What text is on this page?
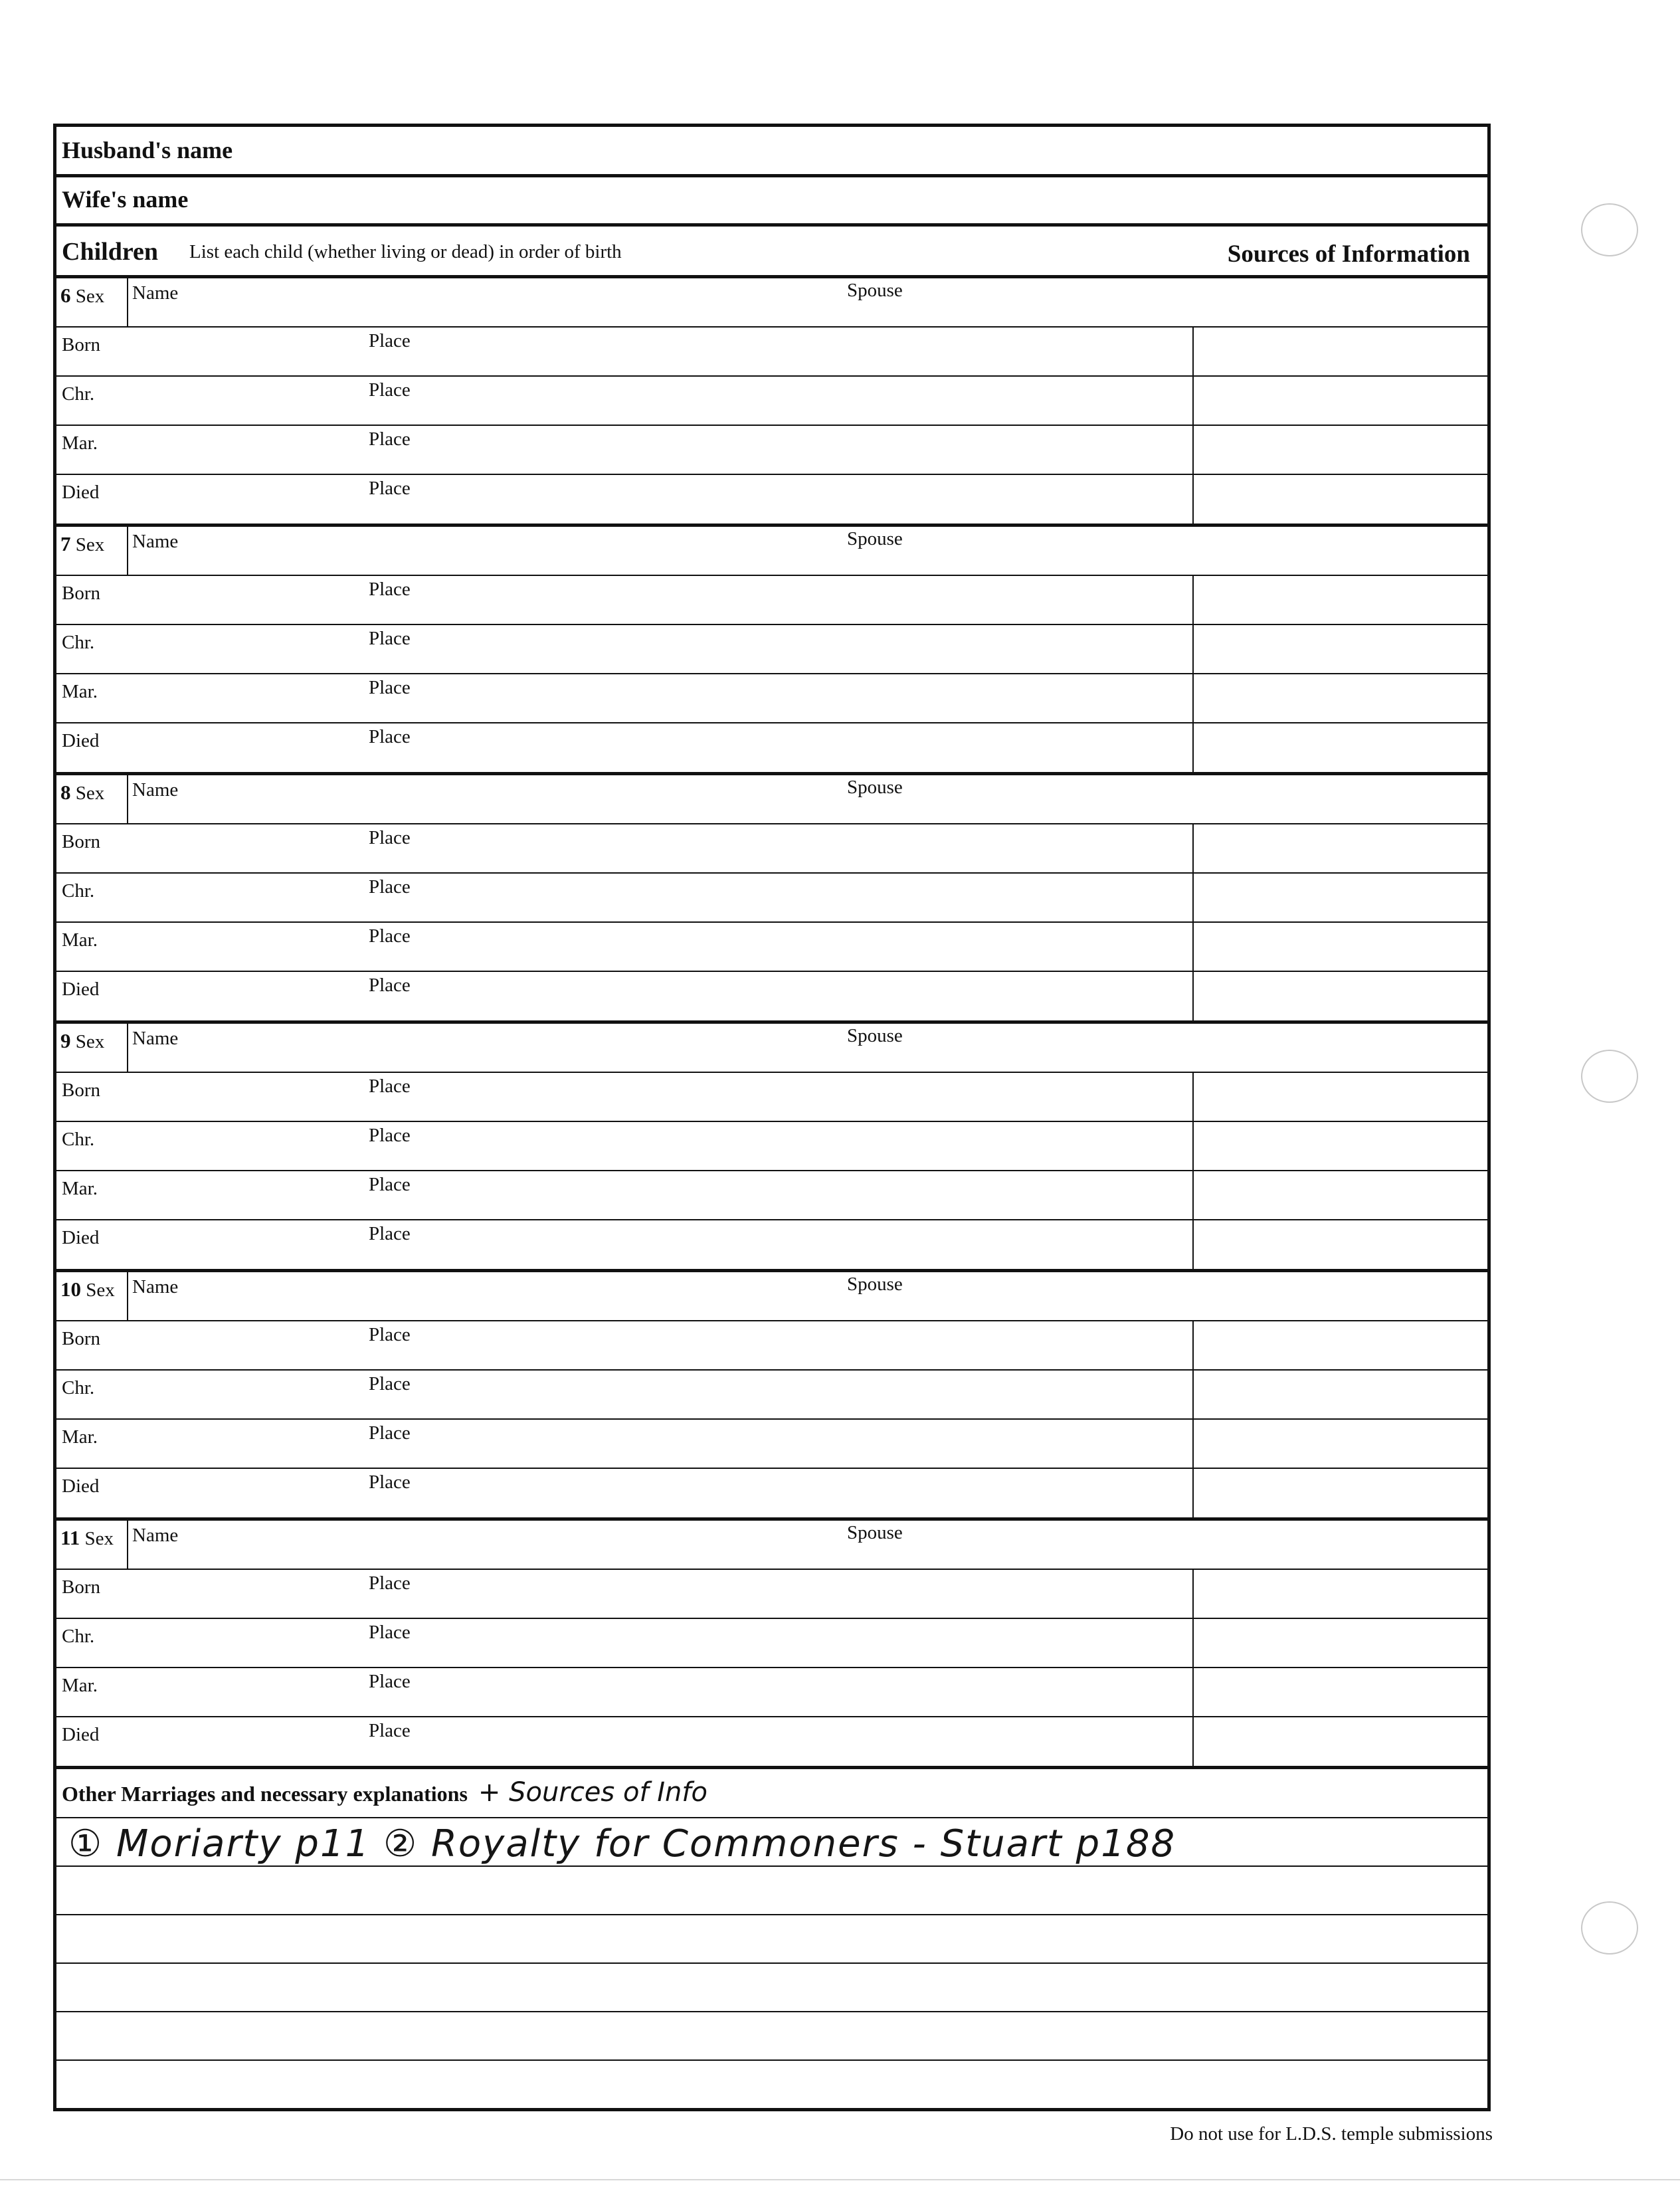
Husband's name
Wife's name
Children List each child (whether living or dead) in order of birth	Sources of Information
6 Sex Name	Spouse
Born	Place
Chr.	Place
Mar.	Place
Died	Place
7 Sex Name	Spouse
Born	Place
Chr.	Place
Mar.	Place
Died	Place
8 Sex Name	Spouse
Born	Place
Chr.	Place
Mar.	Place
Died	Place
9 Sex Name	Spouse
Born	Place
Chr.	Place
Mar.	Place
Died	Place
10 Sex Name	Spouse
Born	Place
Chr.	Place
Mar.	Place
Died	Place
11 Sex Name	Spouse
Born	Place
Chr.	Place
Mar.	Place
Died	Place
Other Marriages and necessary explanations + Sources of Info
① Moriarty p11 ② Royalty for Commoners - Stuart p188
Do not use for L.D.S. temple submissions
